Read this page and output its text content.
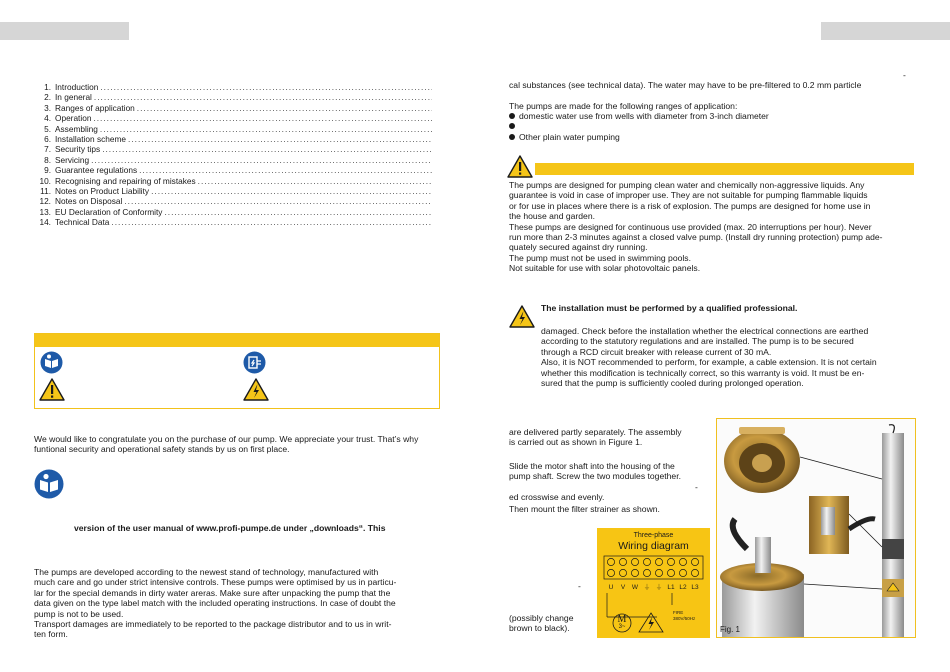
1. Introduction
.....
2. In general
.....
3. Ranges of application
.....
4. Operation
.....
5. Assembling
.....
6. Installation scheme
.....
7. Security tips
.....
8. Servicing
.....
9. Guarantee regulations
.....
10. Recognising and repairing of mistakes
.....
11. Notes on Product Liability
.....
12. Notes on Disposal
.....
13. EU Declaration of Conformity
.....
14. Technical Data
.....
We would like to congratulate you on the purchase of our pump. We appreciate your trust. That’s why funtional security and operational safety stands by us on first place.
version of the user manual of www.profi-pumpe.de under „downloads“. This
The pumps are developed according to the newest stand of technology, manufactured with
much care and go under strict intensive controls. These pumps were optimised by us in particu-
lar for the special demands in dirty water areras. Make sure after unpacking the pump that the
data given on the type label match with the included operating instructions. In case of doubt the
pump is not to be used.
Transport damages are immediately to be reported to the package distributor and to us in writ-
ten form.
-
cal substances (see technical data). The water may have to be pre-filtered to 0.2 mm particle
The pumps are made for the following ranges of application:
domestic water use from wells with diameter from 3-inch diameter
Other plain water pumping
The pumps are designed for pumping clean water and chemically non-aggressive liquids. Any
guarantee is void in case of improper use. They are not suitable for pumping flammable liquids
or for use in places where there is a risk of explosion. The pumps are designed for home use in
the house and garden.
These pumps are designed for continuous use provided (max. 20 interruptions per hour). Never
run more than 2-3 minutes against a closed valve pump. (Install dry running protection) pump ade-
quately secured against dry running.
The pump must not be used in swimming pools.
Not suitable for use with solar photovoltaic panels.
The installation must be performed by a qualified professional.
damaged. Check before the installation whether the electrical connections are earthed
according to the statutory regulations and are installed. The pump is to be secured
through a RCD circuit breaker with release current of 30 mA.
Also, it is NOT recommended to perform, for example, a cable extension. It is not certain
whether this modification is technically correct, so this warranty is void. It must be en-
sured that the pump is sufficiently cooled during prolonged operation.
are delivered partly separately. The assembly
is carried out as shown in Figure 1.
Slide the motor shaft into the housing of the
pump shaft. Screw the two modules together.
-
ed crosswise and evenly.
Then mount the filter strainer as shown.
-
(possibly change
brown to black).
Three-phase
Wiring diagram
U V W ⏚ ⏚ L1 L2 L3
M
3~
FIRE
380V/50Hz
Fig. 1
